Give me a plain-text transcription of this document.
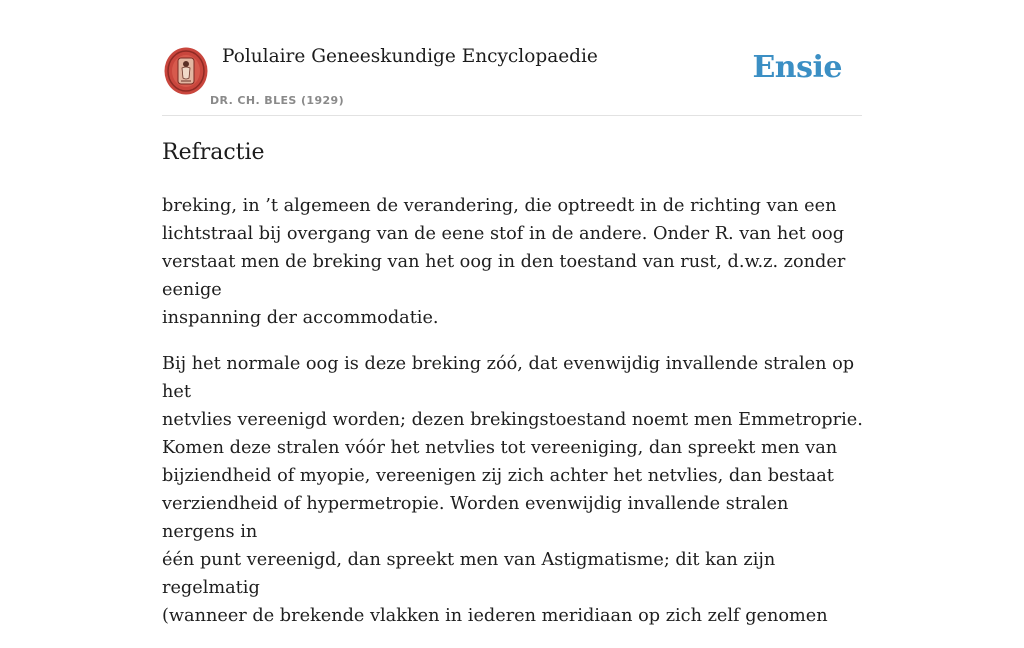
Polulaire Geneeskundige Encyclopaedie
DR. CH. BLES (1929)
Ensie
Refractie

breking, in ’t algemeen de verandering, die optreedt in de richting van een
lichtstraal bij overgang van de eene stof in de andere. Onder R. van het oog
verstaat men de breking van het oog in den toestand van rust, d.w.z. zonder eenige
inspanning der accommodatie.

Bij het normale oog is deze breking zóó, dat evenwijdig invallende stralen op het
netvlies vereenigd worden; dezen brekingstoestand noemt men Emmetroprie.
Komen deze stralen vóór het netvlies tot vereeniging, dan spreekt men van
bijziendheid of myopie, vereenigen zij zich achter het netvlies, dan bestaat
verziendheid of hypermetropie. Worden evenwijdig invallende stralen nergens in
één punt vereenigd, dan spreekt men van Astigmatisme; dit kan zijn regelmatig
(wanneer de brekende vlakken in iederen meridiaan op zich zelf genomen
